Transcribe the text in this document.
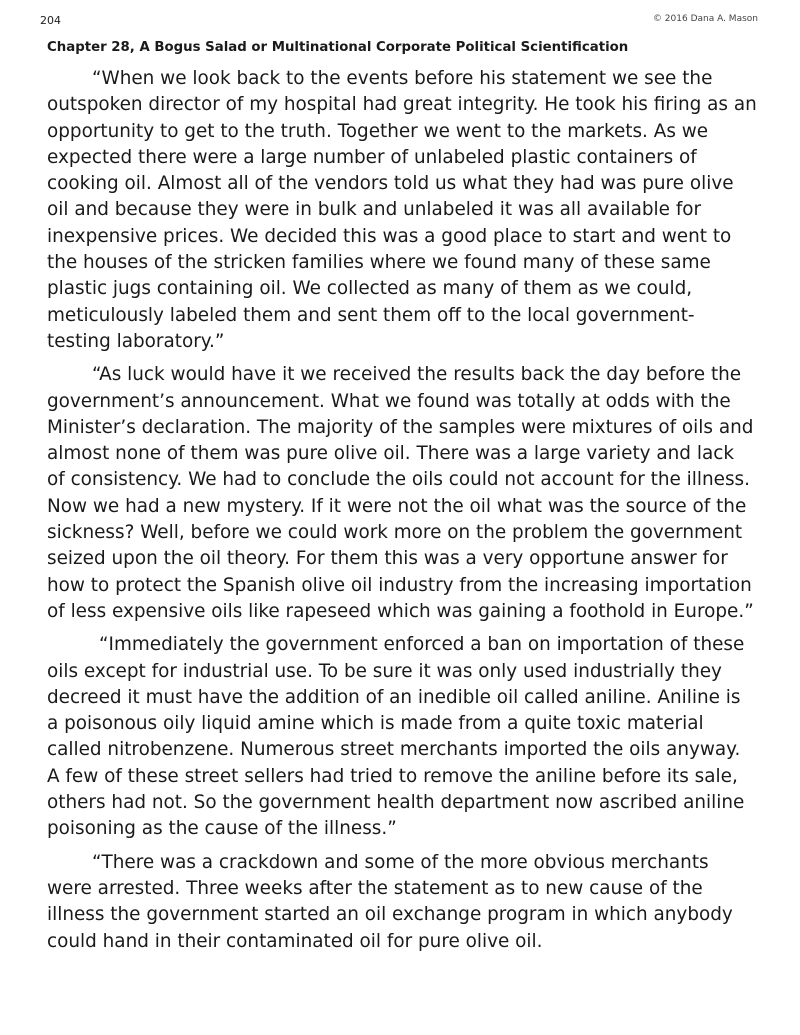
204	© 2016 Dana A. Mason
Chapter 28, A Bogus Salad or Multinational Corporate Political Scientification

“When we look back to the events before his statement we see the outspoken director of my hospital had great integrity. He took his firing as an opportunity to get to the truth. Together we went to the markets. As we expected there were a large number of unlabeled plastic containers of cooking oil. Almost all of the vendors told us what they had was pure olive oil and because they were in bulk and unlabeled it was all available for inexpensive prices. We decided this was a good place to start and went to the houses of the stricken families where we found many of these same plastic jugs containing oil. We collected as many of them as we could, meticulously labeled them and sent them off to the local government-testing laboratory.”

“As luck would have it we received the results back the day before the government’s announcement. What we found was totally at odds with the Minister’s declaration. The majority of the samples were mixtures of oils and almost none of them was pure olive oil. There was a large variety and lack of consistency. We had to conclude the oils could not account for the illness. Now we had a new mystery. If it were not the oil what was the source of the sickness? Well, before we could work more on the problem the government seized upon the oil theory. For them this was a very opportune answer for how to protect the Spanish olive oil industry from the increasing importation of less expensive oils like rapeseed which was gaining a foothold in Europe.”

“Immediately the government enforced a ban on importation of these oils except for industrial use. To be sure it was only used industrially they decreed it must have the addition of an inedible oil called aniline. Aniline is a poisonous oily liquid amine which is made from a quite toxic material called nitrobenzene. Numerous street merchants imported the oils anyway. A few of these street sellers had tried to remove the aniline before its sale, others had not. So the government health department now ascribed aniline poisoning as the cause of the illness.”

“There was a crackdown and some of the more obvious merchants were arrested. Three weeks after the statement as to new cause of the illness the government started an oil exchange program in which anybody could hand in their contaminated oil for pure olive oil.
